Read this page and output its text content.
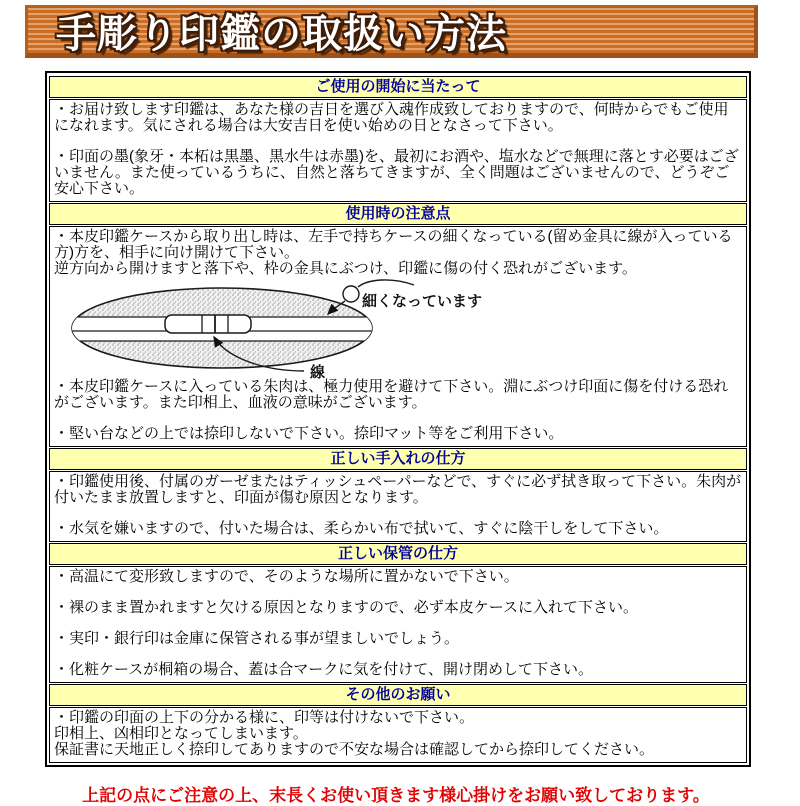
手彫り印鑑の取扱い方法
ご使用の開始に当たって

・お届け致します印鑑は、あなた様の吉日を選び入魂作成致しておりますので、何時からでもご使用になれます。気にされる場合は大安吉日を使い始めの日となさって下さい。

・印面の墨(象牙・本柘は黒墨、黒水牛は赤墨)を、最初にお酒や、塩水などで無理に落とす必要はございません。また使っているうちに、自然と落ちてきますが、全く問題はございませんので、どうぞご安心下さい。

使用時の注意点

・本皮印鑑ケースから取り出し時は、左手で持ちケースの細くなっている(留め金具に線が入っている方)方を、相手に向け開けて下さい。

逆方向から開けますと落下や、枠の金具にぶつけ、印鑑に傷の付く恐れがございます。

細くなっています
線

・本皮印鑑ケースに入っている朱肉は、極力使用を避けて下さい。淵にぶつけ印面に傷を付ける恐れがございます。また印相上、血液の意味がございます。

・堅い台などの上では捺印しないで下さい。捺印マット等をご利用下さい。

正しい手入れの仕方

・印鑑使用後、付属のガーゼまたはティッシュペーパーなどで、すぐに必ず拭き取って下さい。朱肉が付いたまま放置しますと、印面が傷む原因となります。

・水気を嫌いますので、付いた場合は、柔らかい布で拭いて、すぐに陰干しをして下さい。

正しい保管の仕方

・高温にて変形致しますので、そのような場所に置かないで下さい。

・裸のまま置かれますと欠ける原因となりますので、必ず本皮ケースに入れて下さい。

・実印・銀行印は金庫に保管される事が望ましいでしょう。

・化粧ケースが桐箱の場合、蓋は合マークに気を付けて、開け閉めして下さい。

その他のお願い

・印鑑の印面の上下の分かる様に、印等は付けないで下さい。

印相上、凶相印となってしまいます。

保証書に天地正しく捺印してありますので不安な場合は確認してから捺印してください。

上記の点にご注意の上、末長くお使い頂きます様心掛けをお願い致しております。
